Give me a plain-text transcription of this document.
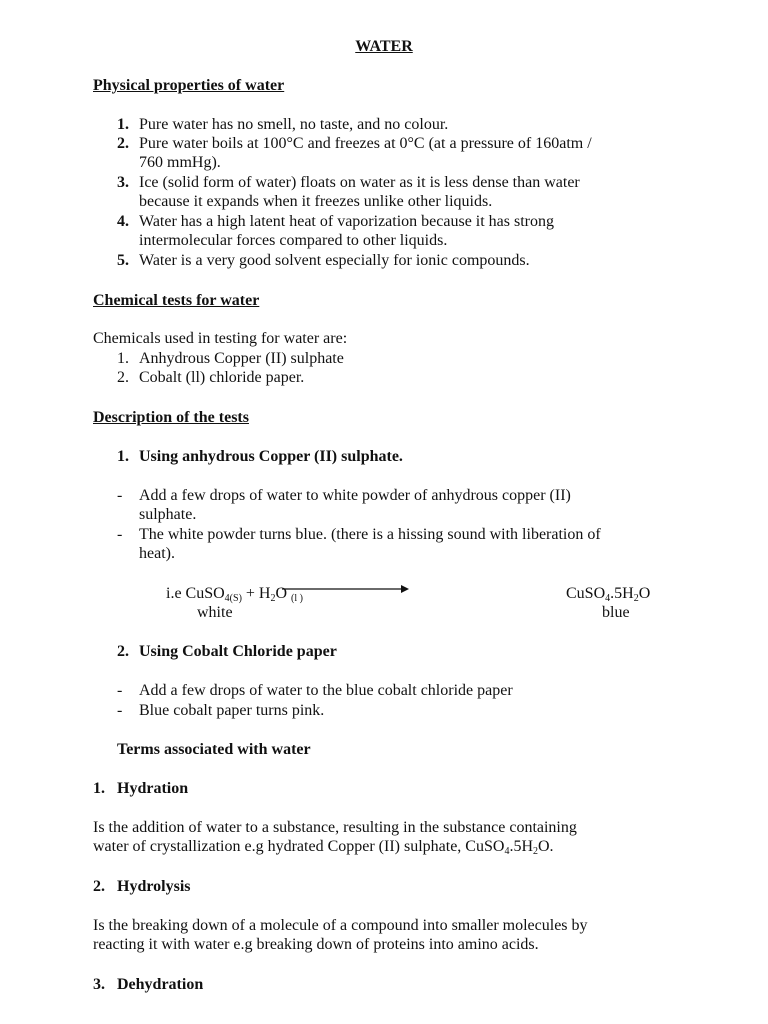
WATER
Physical properties of water
1. Pure water has no smell, no taste, and no colour.
2. Pure water boils at 100°C and freezes at 0°C (at a pressure of 160atm /
760 mmHg).
3. Ice (solid form of water) floats on water as it is less dense than water
because it expands when it freezes unlike other liquids.
4. Water has a high latent heat of vaporization because it has strong
intermolecular forces compared to other liquids.
5. Water is a very good solvent especially for ionic compounds.
Chemical tests for water
Chemicals used in testing for water are:
1. Anhydrous Copper (II) sulphate
2. Cobalt (ll) chloride paper.
Description of the tests
1. Using anhydrous Copper (II) sulphate.
- Add a few drops of water to white powder of anhydrous copper (II)
sulphate.
- The white powder turns blue. (there is a hissing sound with liberation of
heat).
i.e CuSO$_{4(S)}$ + $H_2O$ $_{(l )}$	$CuSO_4.5H_2O$
white	blue
2. Using Cobalt Chloride paper
- Add a few drops of water to the blue cobalt chloride paper
- Blue cobalt paper turns pink.
Terms associated with water
1. Hydration
Is the addition of water to a substance, resulting in the substance containing
water of crystallization e.g hydrated Copper (II) sulphate, $CuSO_4.5H_2O$.
2. Hydrolysis
Is the breaking down of a molecule of a compound into smaller molecules by
reacting it with water e.g breaking down of proteins into amino acids.
3. Dehydration
